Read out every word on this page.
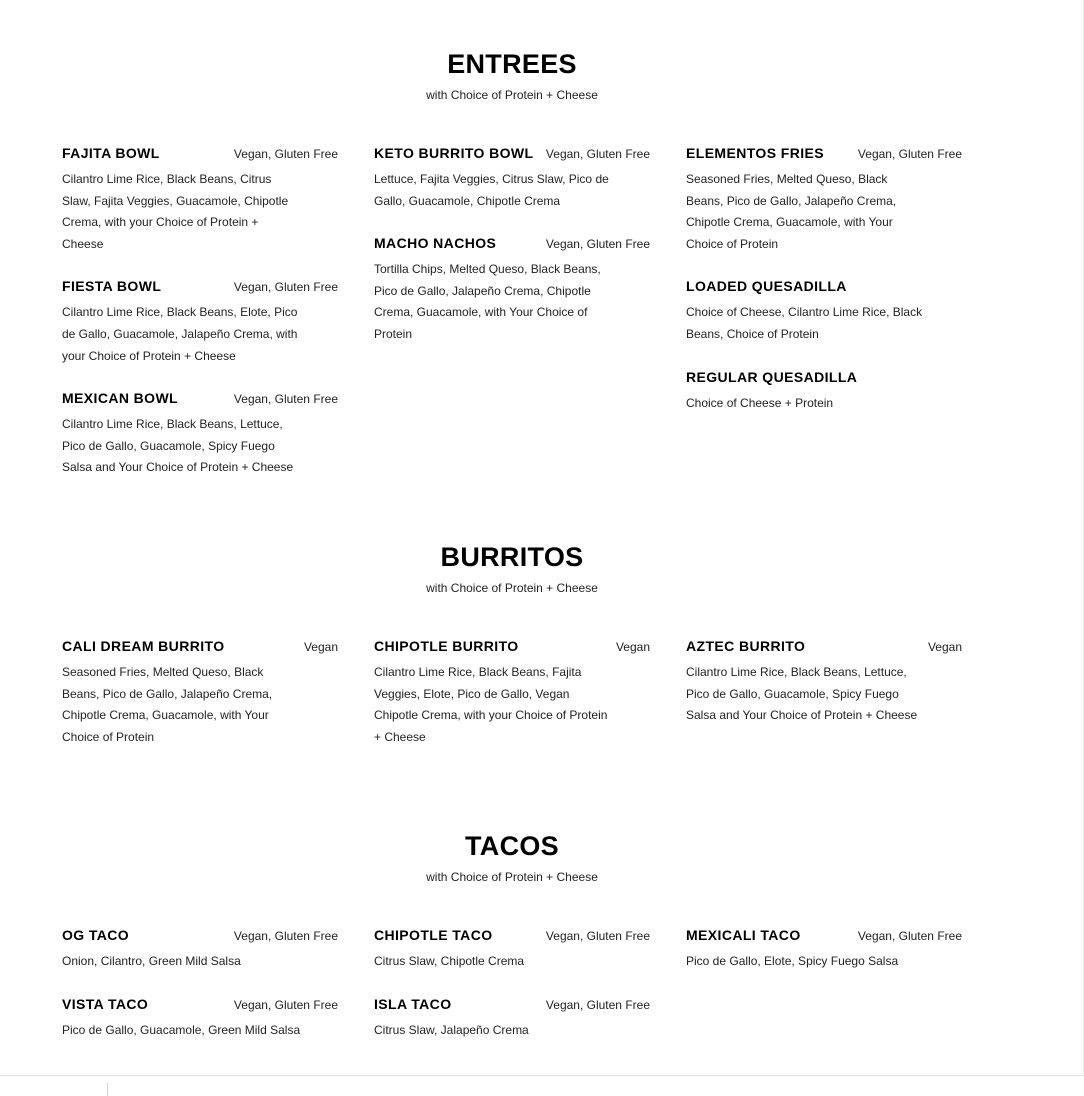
ENTREES

with Choice of Protein + Cheese

FAJITA BOWL	Vegan, Gluten Free

Cilantro Lime Rice, Black Beans, Citrus Slaw, Fajita Veggies, Guacamole, Chipotle Crema, with your Choice of Protein + Cheese

FIESTA BOWL	Vegan, Gluten Free

Cilantro Lime Rice, Black Beans, Elote, Pico de Gallo, Guacamole, Jalapeño Crema, with your Choice of Protein + Cheese

MEXICAN BOWL	Vegan, Gluten Free

Cilantro Lime Rice, Black Beans, Lettuce, Pico de Gallo, Guacamole, Spicy Fuego Salsa and Your Choice of Protein + Cheese

KETO BURRITO BOWL Vegan, Gluten Free

Lettuce, Fajita Veggies, Citrus Slaw, Pico de Gallo, Guacamole, Chipotle Crema

MACHO NACHOS	Vegan, Gluten Free

Tortilla Chips, Melted Queso, Black Beans, Pico de Gallo, Jalapeño Crema, Chipotle Crema, Guacamole, with Your Choice of Protein

ELEMENTOS FRIES	Vegan, Gluten Free

Seasoned Fries, Melted Queso, Black Beans, Pico de Gallo, Jalapeño Crema, Chipotle Crema, Guacamole, with Your Choice of Protein

LOADED QUESADILLA

Choice of Cheese, Cilantro Lime Rice, Black Beans, Choice of Protein

REGULAR QUESADILLA

Choice of Cheese + Protein

BURRITOS

with Choice of Protein + Cheese

CALI DREAM BURRITO	Vegan

Seasoned Fries, Melted Queso, Black Beans, Pico de Gallo, Jalapeño Crema, Chipotle Crema, Guacamole, with Your Choice of Protein

CHIPOTLE BURRITO	Vegan

Cilantro Lime Rice, Black Beans, Fajita Veggies, Elote, Pico de Gallo, Vegan Chipotle Crema, with your Choice of Protein + Cheese

AZTEC BURRITO	Vegan

Cilantro Lime Rice, Black Beans, Lettuce, Pico de Gallo, Guacamole, Spicy Fuego Salsa and Your Choice of Protein + Cheese

TACOS

with Choice of Protein + Cheese

OG TACO	Vegan, Gluten Free

Onion, Cilantro, Green Mild Salsa

VISTA TACO	Vegan, Gluten Free

Pico de Gallo, Guacamole, Green Mild Salsa

CHIPOTLE TACO	Vegan, Gluten Free

Citrus Slaw, Chipotle Crema

ISLA TACO	Vegan, Gluten Free

Citrus Slaw, Jalapeño Crema

MEXICALI TACO	Vegan, Gluten Free

Pico de Gallo, Elote, Spicy Fuego Salsa
